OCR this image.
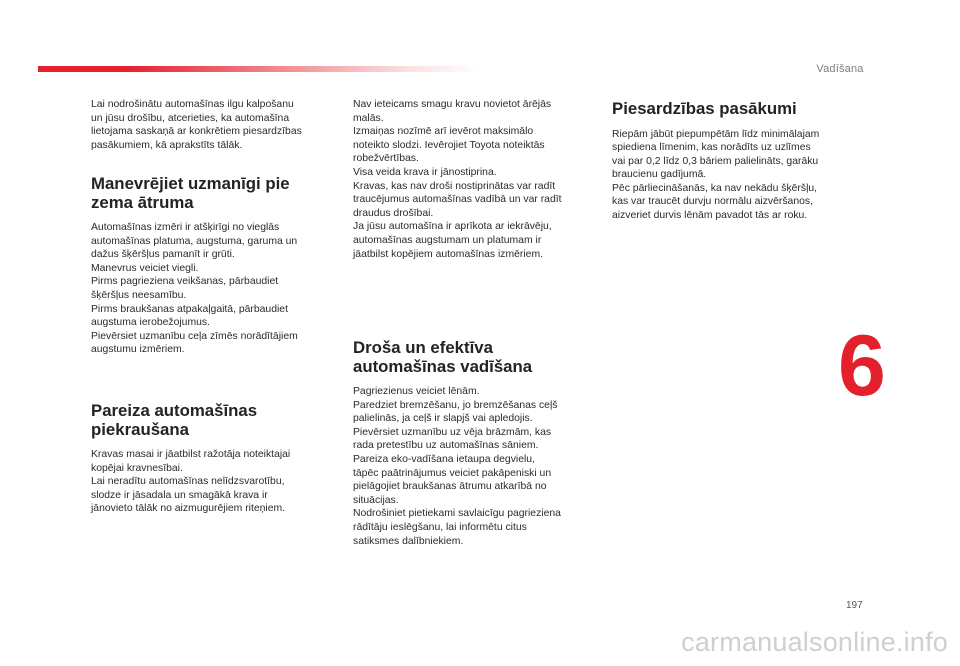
Vadīšana
6
197
carmanualsonline.info

Lai nodrošinātu automašīnas ilgu kalpošanu
un jūsu drošību, atcerieties, ka automašīna
lietojama saskaņā ar konkrētiem piesardzības
pasākumiem, kā aprakstīts tālāk.

Manevrējiet uzmanīgi pie
zema ātruma

Automašīnas izmēri ir atšķirīgi no vieglās
automašīnas platuma, augstuma, garuma un
dažus šķēršļus pamanīt ir grūti.
Manevrus veiciet viegli.
Pirms pagrieziena veikšanas, pārbaudiet
šķēršļus neesamību.
Pirms braukšanas atpakaļgaitā, pārbaudiet
augstuma ierobežojumus.
Pievērsiet uzmanību ceļa zīmēs norādītājiem
augstumu izmēriem.

Pareiza automašīnas
piekraušana

Kravas masai ir jāatbilst ražotāja noteiktajai
kopējai kravnesībai.
Lai neradītu automašīnas nelīdzsvarotību,
slodze ir jāsadala un smagākā krava ir
jānovieto tālāk no aizmugurējiem riteņiem.

Nav ieteicams smagu kravu novietot ārējās
malās.
Izmaiņas nozīmē arī ievērot maksimālo
noteikto slodzi. Ievērojiet Toyota noteiktās
robežvērtības.
Visa veida krava ir jānostiprina.
Kravas, kas nav droši nostiprinātas var radīt
traucējumus automašīnas vadībā un var radīt
draudus drošībai.
Ja jūsu automašīna ir aprīkota ar iekrāvēju,
automašīnas augstumam un platumam ir
jāatbilst kopējiem automašīnas izmēriem.

Droša un efektīva
automašīnas vadīšana

Pagriezienus veiciet lēnām.
Paredziet bremzēšanu, jo bremzēšanas ceļš
palielinās, ja ceļš ir slapjš vai apledojis.
Pievērsiet uzmanību uz vēja brāzmām, kas
rada pretestību uz automašīnas sāniem.
Pareiza eko-vadīšana ietaupa degvielu,
tāpēc paātrinājumus veiciet pakāpeniski un
pielāgojiet braukšanas ātrumu atkarībā no
situācijas.
Nodrošiniet pietiekami savlaicīgu pagrieziena
rādītāju ieslēgšanu, lai informētu citus
satiksmes dalībniekiem.

Piesardzības pasākumi

Riepām jābūt piepumpētām līdz minimālajam
spiediena līmenim, kas norādīts uz uzlīmes
vai par 0,2 līdz 0,3 bāriem palielināts, garāku
braucienu gadījumā.
Pēc pārliecināšanās, ka nav nekādu šķēršļu,
kas var traucēt durvju normālu aizvēršanos,
aizveriet durvis lēnām pavadot tās ar roku.
